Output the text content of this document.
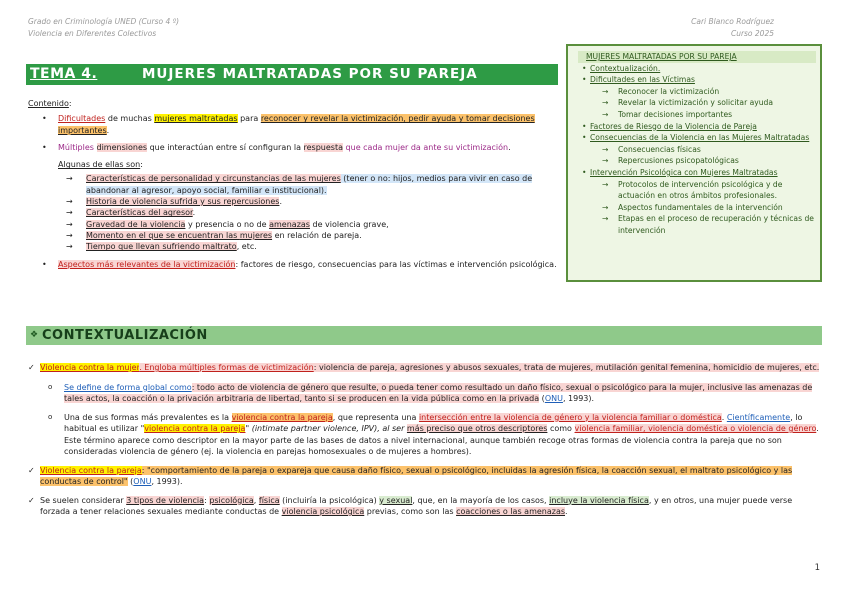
Grado en Criminología UNED (Curso 4 º)
Violencia en Diferentes Colectivos
Cari Blanco Rodríguez
Curso 2025
TEMA 4.	MUJERES MALTRATADAS POR SU PAREJA
MUJERES MALTRATADAS POR SU PAREJA
• Contextualización.
• Dificultades en las Víctimas
→ Reconocer la victimización
→ Revelar la victimización y solicitar ayuda
→ Tomar decisiones importantes
• Factores de Riesgo de la Violencia de Pareja
• Consecuencias de la Violencia en las Mujeres Maltratadas
→ Consecuencias físicas
→ Repercusiones psicopatológicas
• Intervención Psicológica con Mujeres Maltratadas
→ Protocolos de intervención psicológica y de actuación en otros ámbitos profesionales.
→ Aspectos fundamentales de la intervención
→ Etapas en el proceso de recuperación y técnicas de intervención

Contenido:

• Dificultades de muchas mujeres maltratadas para reconocer y revelar la victimización, pedir ayuda y tomar decisiones importantes.

• Múltiples dimensiones que interactúan entre sí configuran la respuesta que cada mujer da ante su victimización.

Algunas de ellas son:

→ Características de personalidad y circunstancias de las mujeres (tener o no: hijos, medios para vivir en caso de abandonar al agresor, apoyo social, familiar e institucional).

→ Historia de violencia sufrida y sus repercusiones.

→ Características del agresor.

→ Gravedad de la violencia y presencia o no de amenazas de violencia grave,

→ Momento en el que se encuentran las mujeres en relación de pareja.

→ Tiempo que llevan sufriendo maltrato, etc.

• Aspectos más relevantes de la victimización: factores de riesgo, consecuencias para las víctimas e intervención psicológica.

❖ CONTEXTUALIZACIÓN

✓ Violencia contra la mujer. Engloba múltiples formas de victimización: violencia de pareja, agresiones y abusos sexuales, trata de mujeres, mutilación genital femenina, homicidio de mujeres, etc.

o Se define de forma global como: todo acto de violencia de género que resulte, o pueda tener como resultado un daño físico, sexual o psicológico para la mujer, inclusive las amenazas de tales actos, la coacción o la privación arbitraria de libertad, tanto si se producen en la vida pública como en la privada (ONU, 1993).

o Una de sus formas más prevalentes es la violencia contra la pareja, que representa una intersección entre la violencia de género y la violencia familiar o doméstica. Científicamente, lo habitual es utilizar "violencia contra la pareja" (intimate partner violence, IPV), al ser más preciso que otros descriptores como violencia familiar, violencia doméstica o violencia de género. Este término aparece como descriptor en la mayor parte de las bases de datos a nivel internacional, aunque también recoge otras formas de violencia contra la pareja que no son consideradas violencia de género (ej. la violencia en parejas homosexuales o de mujeres a hombres).

✓ Violencia contra la pareja: "comportamiento de la pareja o expareja que causa daño físico, sexual o psicológico, incluidas la agresión física, la coacción sexual, el maltrato psicológico y las conductas de control" (ONU, 1993).

✓ Se suelen considerar 3 tipos de violencia: psicológica, física (incluiría la psicológica) y sexual, que, en la mayoría de los casos, incluye la violencia física, y en otros, una mujer puede verse forzada a tener relaciones sexuales mediante conductas de violencia psicológica previas, como son las coacciones o las amenazas.

1
